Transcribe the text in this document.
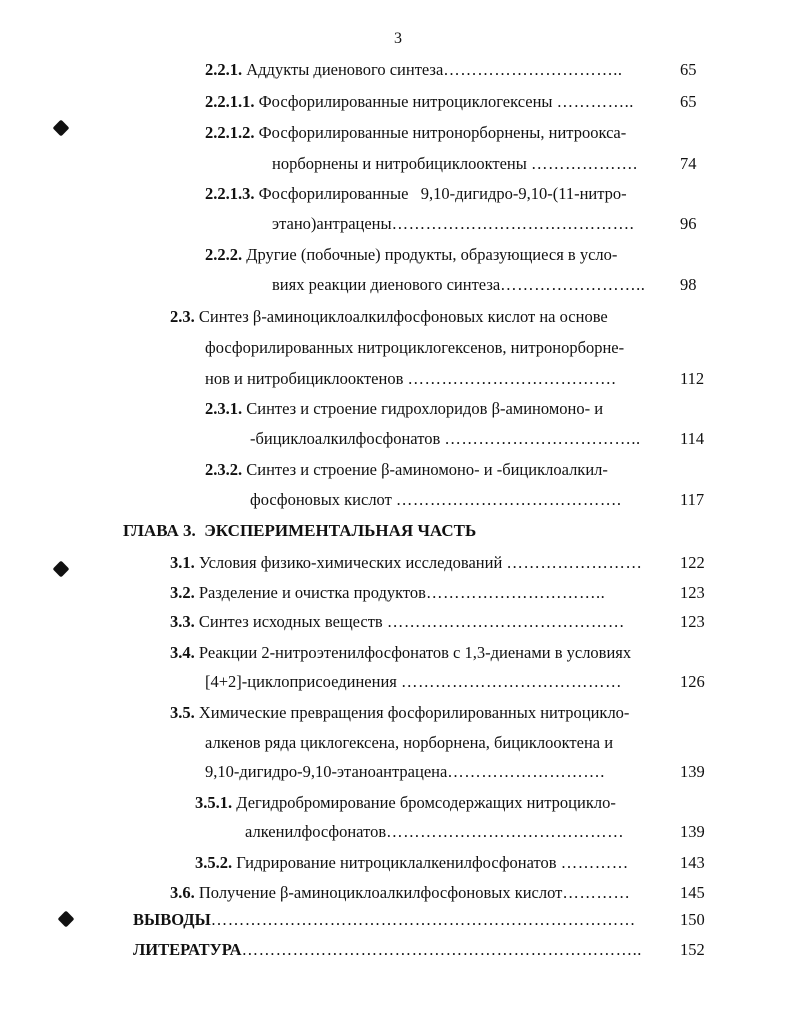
3
2.2.1. Аддукты диенового синтеза…………………………..	65
2.2.1.1. Фосфорилированные нитроциклогексены …………..	65
2.2.1.2. Фосфорилированные нитронорборнены, нитрооксa-
норборнены и нитробициклооктены ……………….	74
2.2.1.3. Фосфорилированные   9,10-дигидро-9,10-(11-нитро-
этано)антрацены…………………………………….	96
2.2.2. Другие (побочные) продукты, образующиеся в усло-
виях реакции диенового синтеза…………………….. 98
2.3. Синтез β-аминоциклоалкилфосфоновых кислот на основе
фосфорилированных нитроциклогексенов, нитронорборне-
нов и нитробициклооктенов ……………………………….	112
2.3.1. Синтез и строение гидрохлоридов β-аминомоно- и
-бициклоалкилфосфонатов …………………………….. 114
2.3.2. Синтез и строение β-аминомоно- и -бициклоалкил-
фосфоновых кислот ………………………………….	117
ГЛАВА 3. ЭКСПЕРИМЕНТАЛЬНАЯ ЧАСТЬ
3.1. Условия физико-химических исследований …………………… 122
3.2. Разделение и очистка продуктов…………………………..	123
3.3. Синтез исходных веществ ……………………………………	123
3.4. Реакции 2-нитроэтенилфосфонатов с 1,3-диенами в условиях
[4+2]-циклоприсоединения …………………………………	126
3.5. Химические превращения фосфорилированных нитроцикло-
алкенов ряда циклогексена, норборнена, бициклооктена и
9,10-дигидро-9,10-этаноантрацена……………………….	139
3.5.1. Дегидробромирование бромсодержащих нитроцикло-
алкенилфосфонатов……………………………………	139
3.5.2. Гидрирование нитроциклалкенилфосфонатов …………	143
3.6. Получение β-аминоциклоалкилфосфоновых кислот…………	145
ВЫВОДЫ…………………………………………………………………	150
ЛИТЕРАТУРА…………………………………………………………….. 152
